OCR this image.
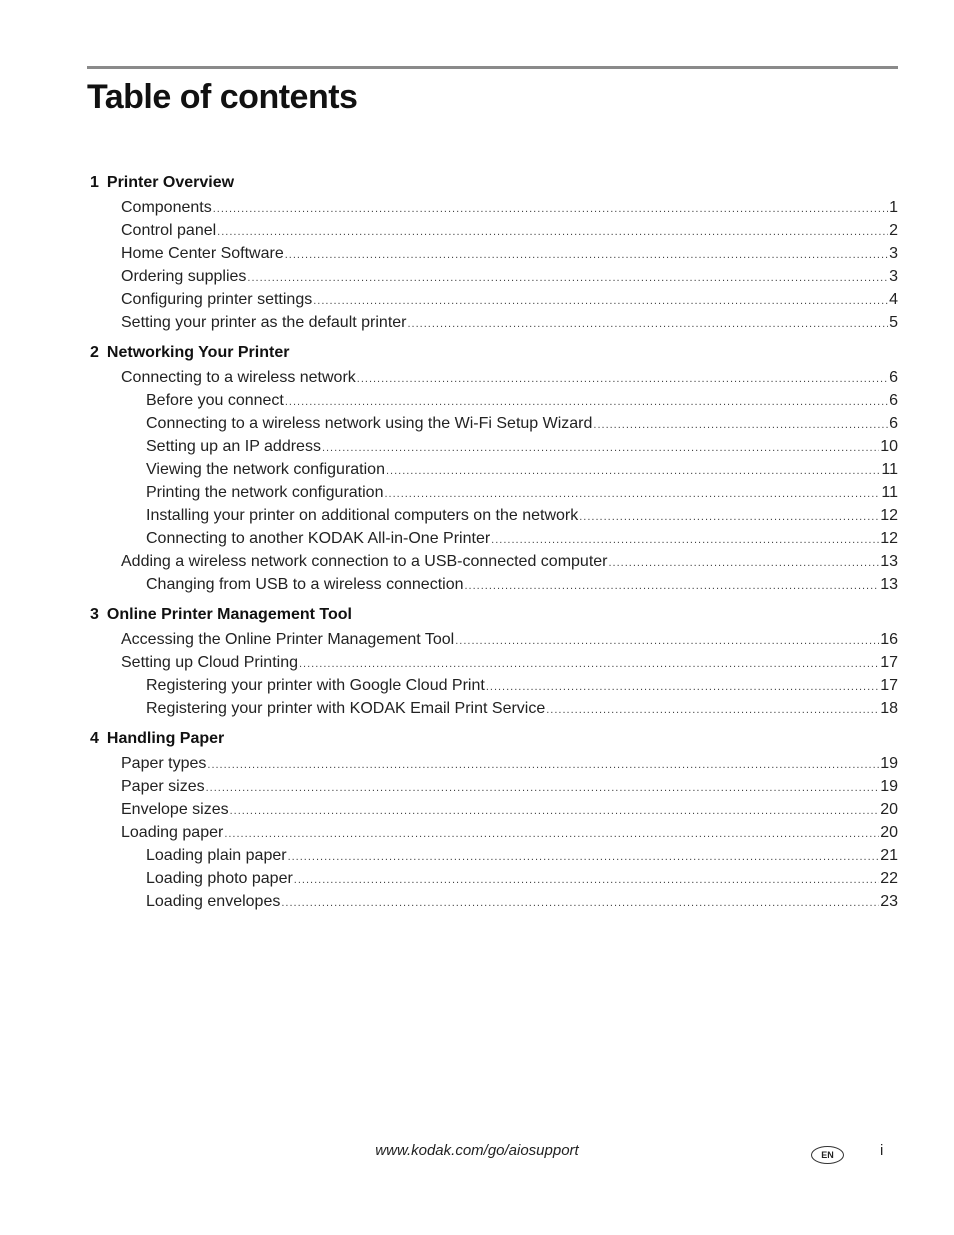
Table of contents
1 Printer Overview
Components .....	1
Control panel .....	2
Home Center Software .....	3
Ordering supplies .....	3
Configuring printer settings .....	4
Setting your printer as the default printer .....	5
2 Networking Your Printer
Connecting to a wireless network .....	6
Before you connect .....	6
Connecting to a wireless network using the Wi-Fi Setup Wizard .....	6
Setting up an IP address .....	10
Viewing the network configuration .....	11
Printing the network configuration .....	11
Installing your printer on additional computers on the network .....	12
Connecting to another KODAK All-in-One Printer .....	12
Adding a wireless network connection to a USB-connected computer .....	13
Changing from USB to a wireless connection .....	13
3 Online Printer Management Tool
Accessing the Online Printer Management Tool .....	16
Setting up Cloud Printing .....	17
Registering your printer with Google Cloud Print .....	17
Registering your printer with KODAK Email Print Service .....	18
4 Handling Paper
Paper types .....	19
Paper sizes .....	19
Envelope sizes .....	20
Loading paper .....	20
Loading plain paper .....	21
Loading photo paper .....	22
Loading envelopes .....	23
www.kodak.com/go/aiosupport	EN	i
